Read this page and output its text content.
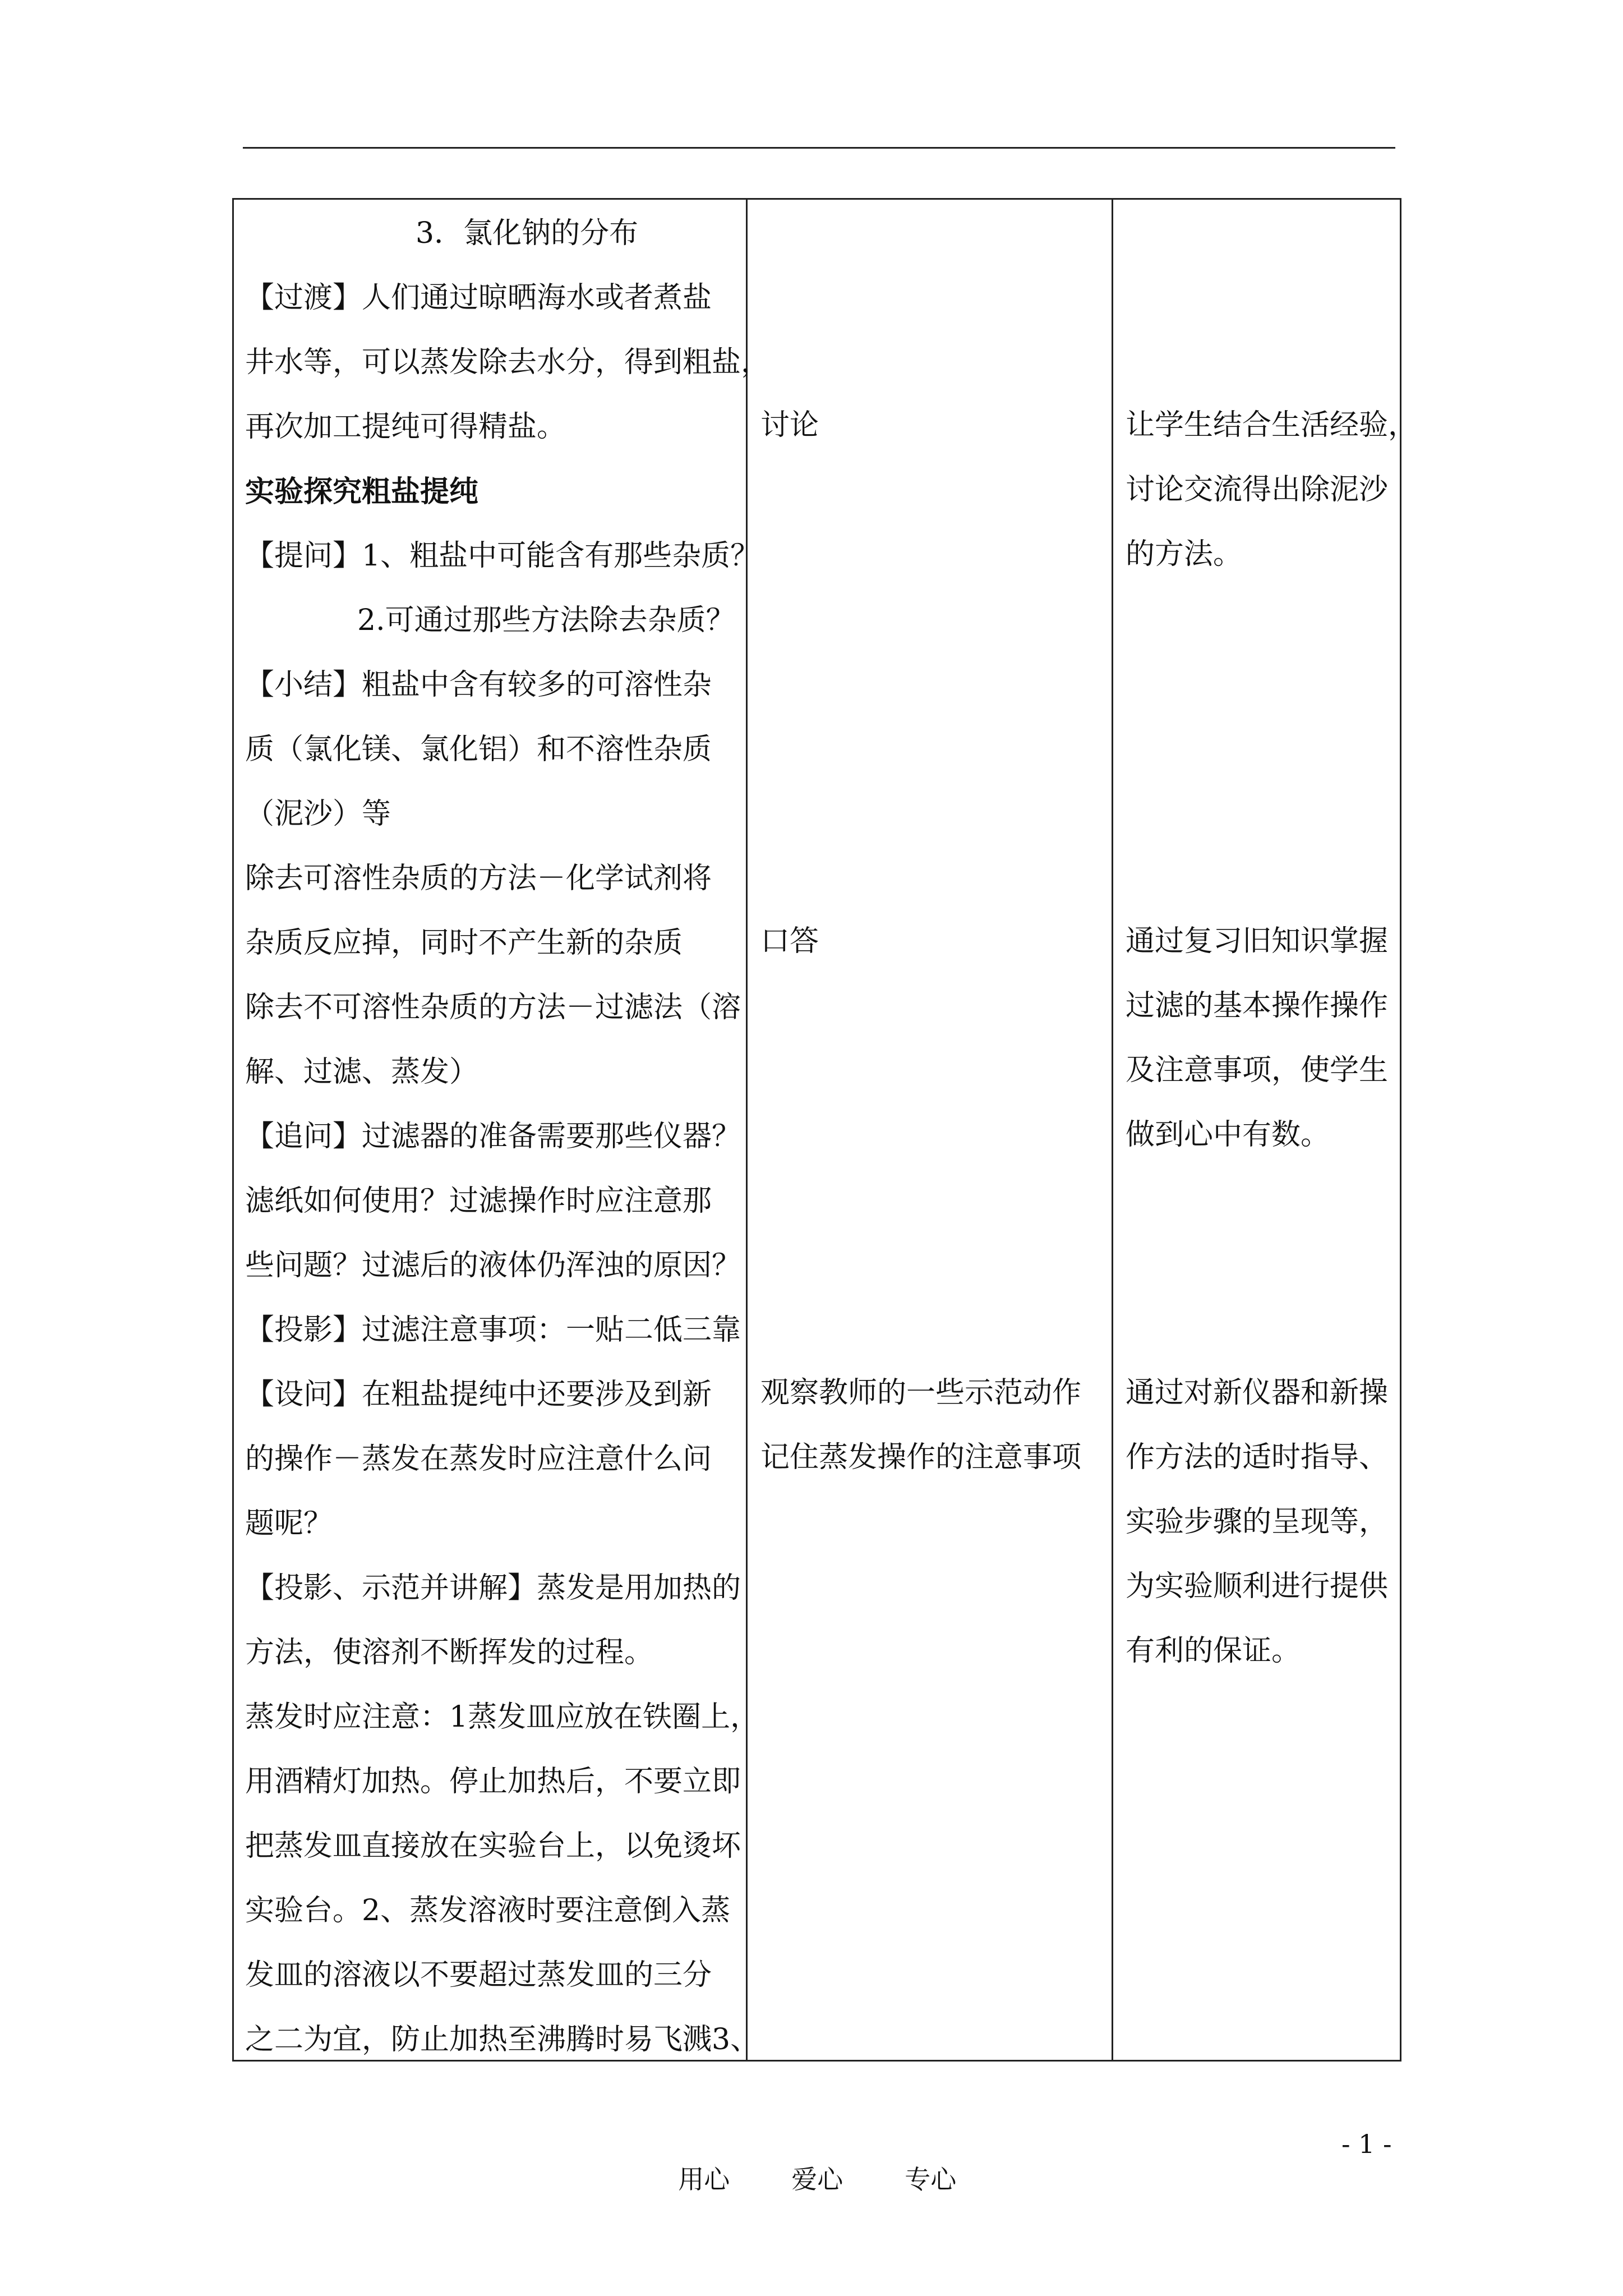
　　3．氯化钠的分布

【过渡】人们通过晾晒海水或者煮盐

井水等，可以蒸发除去水分，得到粗盐，

再次加工提纯可得精盐。

实验探究粗盐提纯

【提问】1、粗盐中可能含有那些杂质？

2.可通过那些方法除去杂质？

【小结】粗盐中含有较多的可溶性杂

质（氯化镁、氯化铝）和不溶性杂质

（泥沙）等

除去可溶性杂质的方法－化学试剂将

杂质反应掉，同时不产生新的杂质

除去不可溶性杂质的方法－过滤法（溶

解、过滤、蒸发）

【追问】过滤器的准备需要那些仪器？

滤纸如何使用？过滤操作时应注意那

些问题？过滤后的液体仍浑浊的原因？

【投影】过滤注意事项：一贴二低三靠

【设问】在粗盐提纯中还要涉及到新

的操作－蒸发在蒸发时应注意什么问

题呢？

【投影、示范并讲解】蒸发是用加热的

方法，使溶剂不断挥发的过程。

蒸发时应注意：1蒸发皿应放在铁圈上，

用酒精灯加热。停止加热后，不要立即

把蒸发皿直接放在实验台上，以免烫坏

实验台。2、蒸发溶液时要注意倒入蒸

发皿的溶液以不要超过蒸发皿的三分

之二为宜，防止加热至沸腾时易飞溅3、

讨论

口答

观察教师的一些示范动作

记住蒸发操作的注意事项

让学生结合生活经验，

讨论交流得出除泥沙

的方法。

通过复习旧知识掌握

过滤的基本操作操作

及注意事项，使学生

做到心中有数。

通过对新仪器和新操

作方法的适时指导、

实验步骤的呈现等，

为实验顺利进行提供

有利的保证。

用心 爱心 专心

- 1 -
